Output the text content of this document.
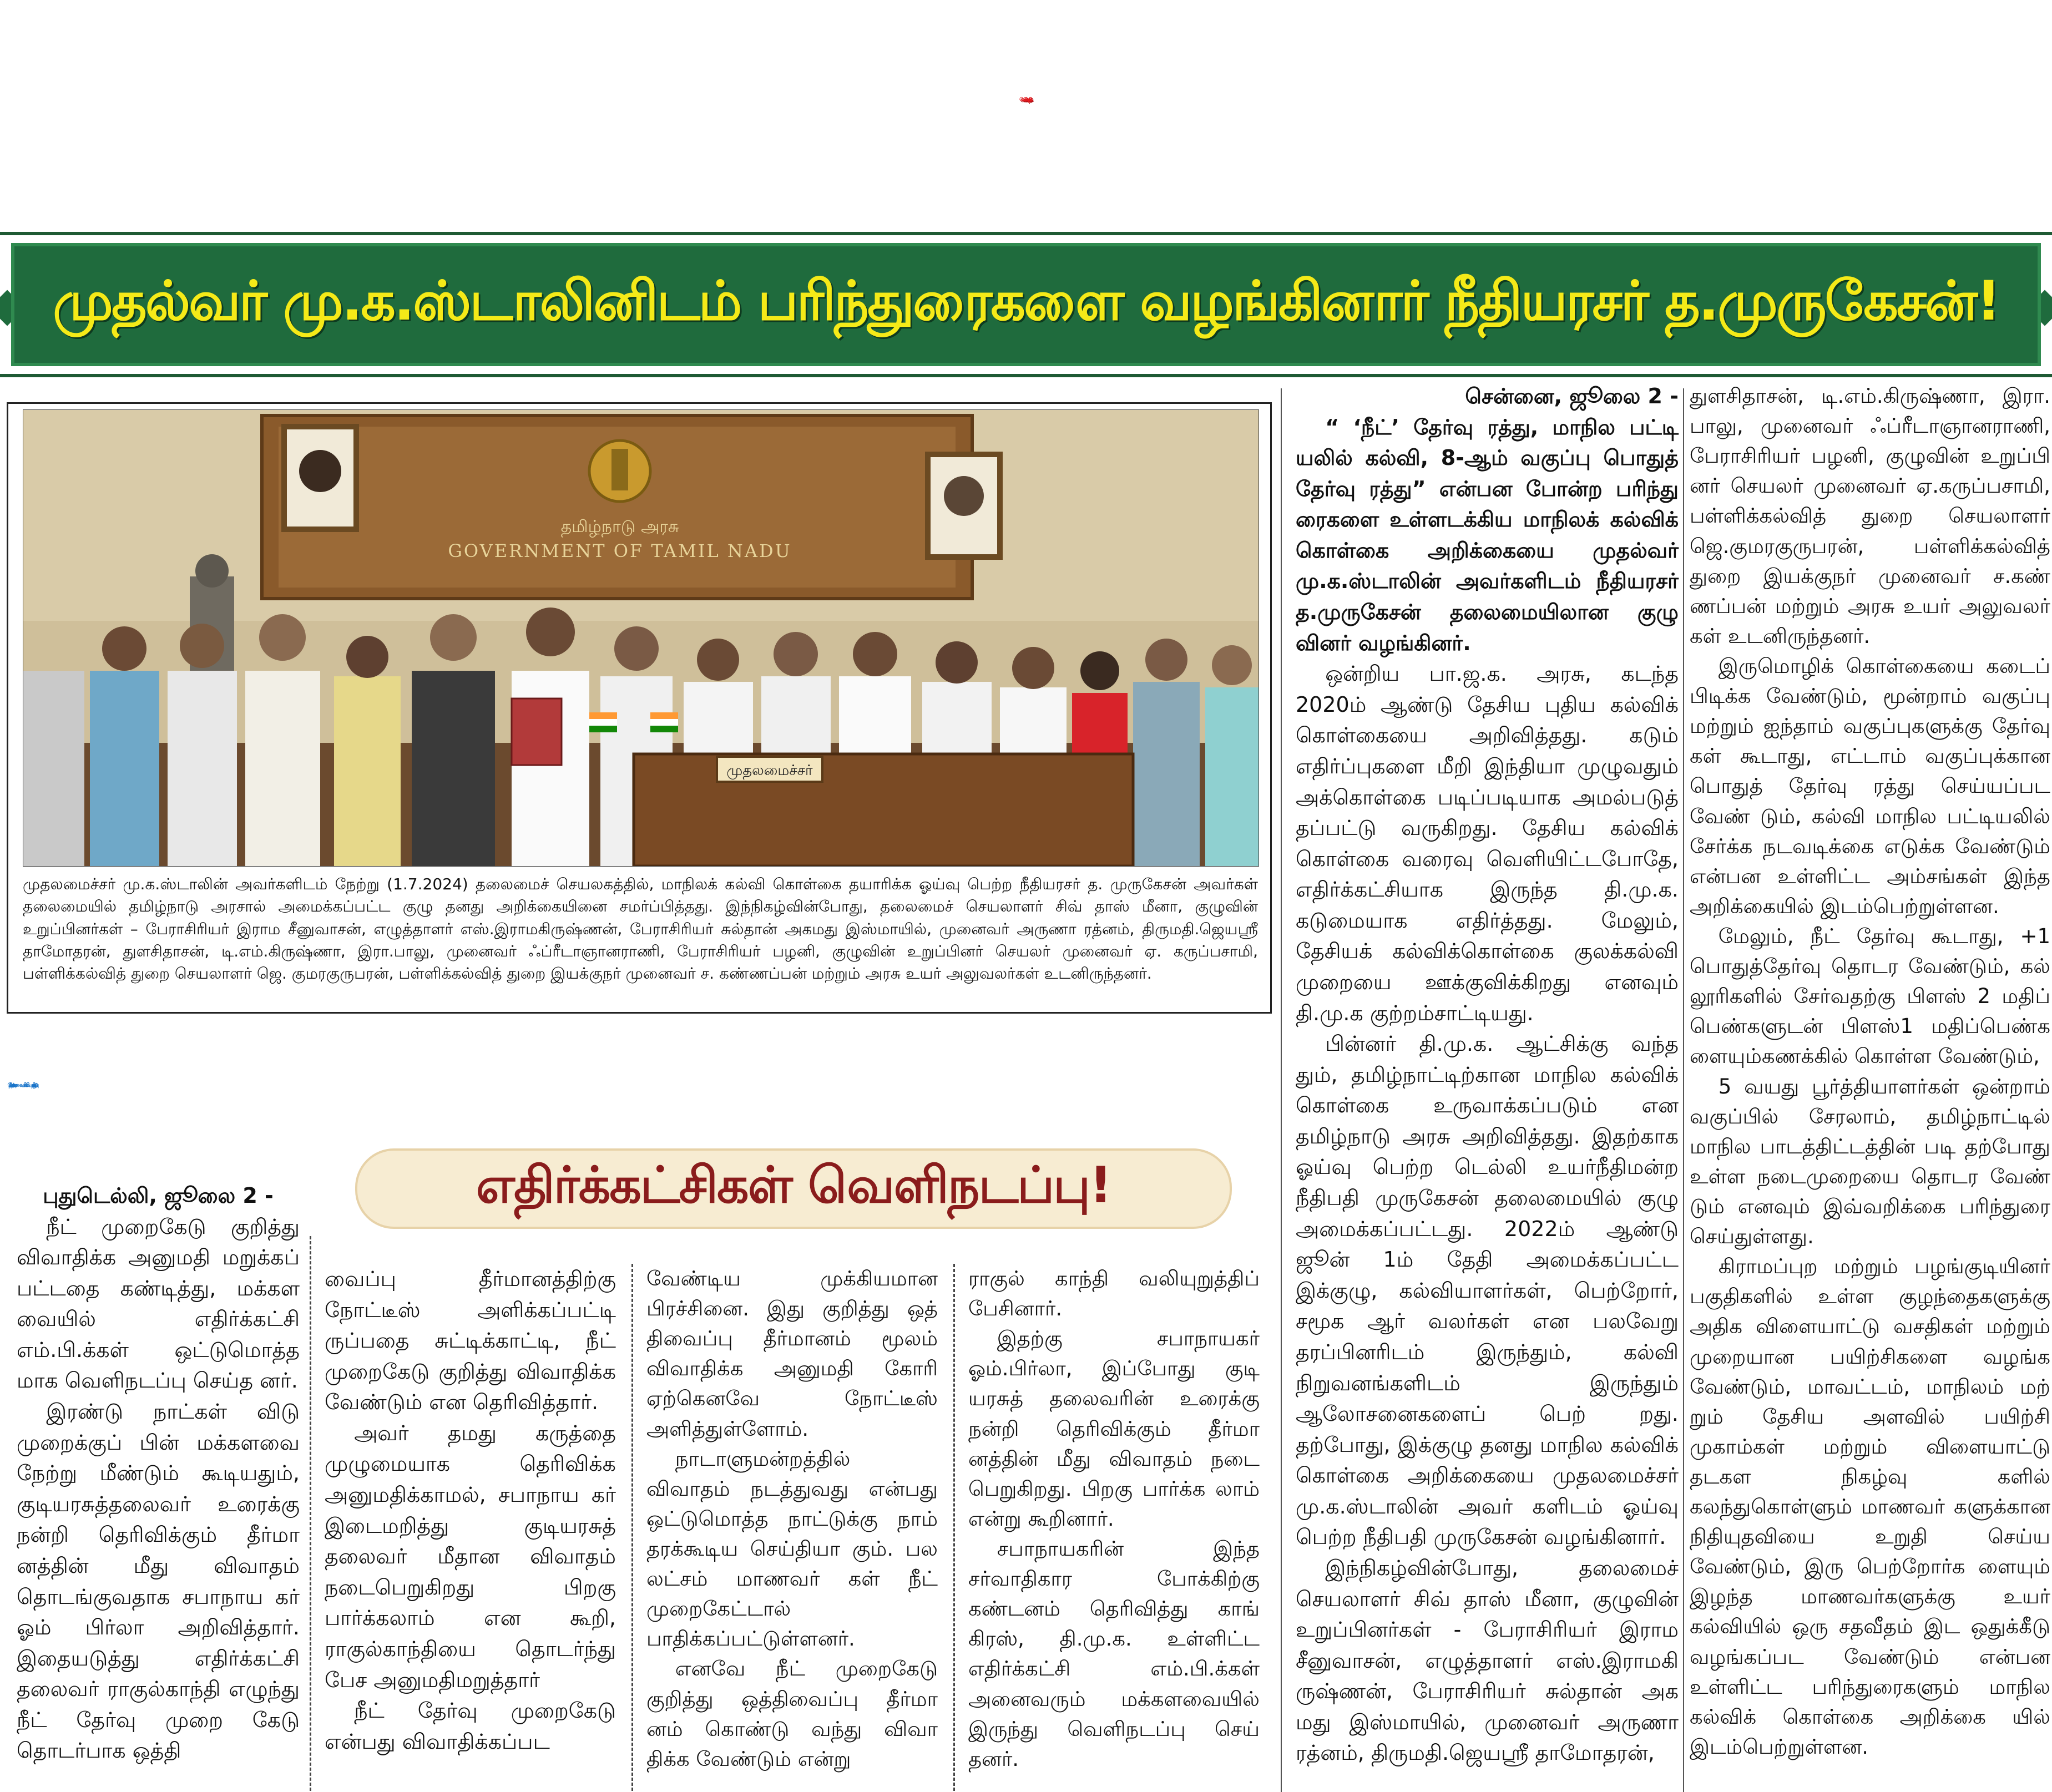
மாநிலக் கல்விக் கொள்கை!
முதல்வர் மு.க.ஸ்டாலினிடம் பரிந்துரைகளை வழங்கினார் நீதியரசர் த.முருகேசன்!
தமிழ்நாடு அரசு
GOVERNMENT OF TAMIL NADU
முதலமைச்சர்
முதலமைச்சர் மு.க.ஸ்டாலின் அவர்களிடம் நேற்று (1.7.2024) தலைமைச் செயலகத்தில், மாநிலக் கல்வி கொள்கை தயாரிக்க ஓய்வு பெற்ற நீதியரசர் த. முருகேசன் அவர்கள் தலைமையில் தமிழ்நாடு அரசால் அமைக்கப்பட்ட குழு தனது அறிக்கையினை சமர்ப்பித்தது. இந்நிகழ்வின்போது, தலைமைச் செயலாளர் சிவ் தாஸ் மீனா, குழுவின் உறுப்பினர்கள் – பேராசிரியர் இராம சீனுவாசன், எழுத்தாளர் எஸ்.இராமகிருஷ்ணன், பேராசிரியர் சுல்தான் அகமது இஸ்மாயில், முனைவர் அருணா ரத்னம், திருமதி.ஜெயஸ்ரீ தாமோதரன், துளசிதாசன், டி.எம்.கிருஷ்ணா, இரா.பாலு, முனைவர் ஃப்ரீடாஞானராணி, பேராசிரியர் பழனி, குழுவின் உறுப்பினர் செயலர் முனைவர் ஏ. கருப்பசாமி, பள்ளிக்கல்வித் துறை செயலாளர் ஜெ. குமரகுருபரன், பள்ளிக்கல்வித் துறை இயக்குநர் முனைவர் ச. கண்ணப்பன் மற்றும் அரசு உயர் அலுவலர்கள் உடனிருந்தனர்.
‘நீட்’ தேர்வு: மக்களவையில் விவாதிக்க மறுப்பு!
எதிர்க்கட்சிகள் வெளிநடப்பு!

புதுடெல்லி, ஜூலை 2 -

நீட் முறைகேடு குறித்து விவாதிக்க அனுமதி மறுக்கப் பட்டதை கண்டித்து, மக்கள வையில் எதிர்க்கட்சி எம்.பி.க்கள் ஒட்டுமொத்த மாக வெளிநடப்பு செய்த னர்.

இரண்டு நாட்கள் விடு முறைக்குப் பின் மக்களவை நேற்று மீண்டும் கூடியதும், குடியரசுத்தலைவர் உரைக்கு நன்றி தெரிவிக்கும் தீர்மா னத்தின் மீது விவாதம் தொடங்குவதாக சபாநாய கர் ஓம் பிர்லா அறிவித்தார். இதையடுத்து எதிர்க்கட்சி தலைவர் ராகுல்காந்தி எழுந்து நீட் தேர்வு முறை கேடு தொடர்பாக ஒத்தி

வைப்பு தீர்மானத்திற்கு நோட்டீஸ் அளிக்கப்பட்டி ருப்பதை சுட்டிக்காட்டி, நீட் முறைகேடு குறித்து விவாதிக்க வேண்டும் என தெரிவித்தார்.

அவர் தமது கருத்தை முழுமையாக தெரிவிக்க அனுமதிக்காமல், சபாநாய கர் இடைமறித்து குடியரசுத் தலைவர் மீதான விவாதம் நடைபெறுகிறது பிறகு பார்க்கலாம் என கூறி, ராகுல்காந்தியை தொடர்ந்து பேச அனுமதிமறுத்தார்

நீட் தேர்வு முறைகேடு என்பது விவாதிக்கப்பட

வேண்டிய முக்கியமான பிரச்சினை. இது குறித்து ஒத் திவைப்பு தீர்மானம் மூலம் விவாதிக்க அனுமதி கோரி ஏற்கெனவே நோட்டீஸ் அளித்துள்ளோம்.

நாடாளுமன்றத்தில் விவாதம் நடத்துவது என்பது ஒட்டுமொத்த நாட்டுக்கு நாம் தரக்கூடிய செய்தியா கும். பல லட்சம் மாணவர் கள் நீட் முறைகேட்டால் பாதிக்கப்பட்டுள்ளனர்.

எனவே நீட் முறைகேடு குறித்து ஒத்திவைப்பு தீர்மா னம் கொண்டு வந்து விவா திக்க வேண்டும் என்று

ராகுல் காந்தி வலியுறுத்திப் பேசினார்.

இதற்கு சபாநாயகர் ஓம்.பிர்லா, இப்போது குடி யரசுத் தலைவரின் உரைக்கு நன்றி தெரிவிக்கும் தீர்மா னத்தின் மீது விவாதம் நடை பெறுகிறது. பிறகு பார்க்க லாம் என்று கூறினார்.

சபாநாயகரின் இந்த சர்வாதிகார போக்கிற்கு கண்டனம் தெரிவித்து காங் கிரஸ், தி.மு.க. உள்ளிட்ட எதிர்க்கட்சி எம்.பி.க்கள் அனைவரும் மக்களவையில் இருந்து வெளிநடப்பு செய் தனர்.

சென்னை, ஜூலை 2 -

“ ‘நீட்’ தேர்வு ரத்து, மாநில பட்டி யலில் கல்வி, 8-ஆம் வகுப்பு பொதுத் தேர்வு ரத்து” என்பன போன்ற பரிந்து ரைகளை உள்ளடக்கிய மாநிலக் கல்விக் கொள்கை அறிக்கையை முதல்வர் மு.க.ஸ்டாலின் அவர்களிடம் நீதியரசர் த.முருகேசன் தலைமையிலான குழு வினர் வழங்கினர்.

ஒன்றிய பா.ஜ.க. அரசு, கடந்த 2020ம் ஆண்டு தேசிய புதிய கல்விக் கொள்கையை அறிவித்தது. கடும் எதிர்ப்புகளை மீறி இந்தியா முழுவதும் அக்கொள்கை படிப்படியாக அமல்படுத் தப்பட்டு வருகிறது. தேசிய கல்விக் கொள்கை வரைவு வெளியிட்டபோதே, எதிர்க்கட்சியாக இருந்த தி.மு.க. கடுமையாக எதிர்த்தது. மேலும், தேசியக் கல்விக்கொள்கை குலக்கல்வி முறையை ஊக்குவிக்கிறது எனவும் தி.மு.க குற்றம்சாட்டியது.

பின்னர் தி.மு.க. ஆட்சிக்கு வந்த தும், தமிழ்நாட்டிற்கான மாநில கல்விக் கொள்கை உருவாக்கப்படும் என தமிழ்நாடு அரசு அறிவித்தது. இதற்காக ஓய்வு பெற்ற டெல்லி உயர்நீதிமன்ற நீதிபதி முருகேசன் தலைமையில் குழு அமைக்கப்பட்டது. 2022ம் ஆண்டு ஜூன் 1ம் தேதி அமைக்கப்பட்ட இக்குழு, கல்வியாளர்கள், பெற்றோர், சமூக ஆர் வலர்கள் என பலவேறு தரப்பினரிடம் இருந்தும், கல்வி நிறுவனங்களிடம் இருந்தும் ஆலோசனைகளைப் பெற் றது. தற்போது, இக்குழு தனது மாநில கல்விக் கொள்கை அறிக்கையை முதலமைச்சர் மு.க.ஸ்டாலின் அவர் களிடம் ஓய்வு பெற்ற நீதிபதி முருகேசன் வழங்கினார்.

இந்நிகழ்வின்போது, தலைமைச் செயலாளர் சிவ் தாஸ் மீனா, குழுவின் உறுப்பினர்கள் - பேராசிரியர் இராம சீனுவாசன், எழுத்தாளர் எஸ்.இராமகி ருஷ்ணன், பேராசிரியர் சுல்தான் அக மது இஸ்மாயில், முனைவர் அருணா ரத்னம், திருமதி.ஜெயஸ்ரீ தாமோதரன்,

துளசிதாசன், டி.எம்.கிருஷ்ணா, இரா. பாலு, முனைவர் ஃப்ரீடாஞானராணி, பேராசிரியர் பழனி, குழுவின் உறுப்பி னர் செயலர் முனைவர் ஏ.கருப்பசாமி, பள்ளிக்கல்வித் துறை செயலாளர் ஜெ.குமரகுருபரன், பள்ளிக்கல்வித் துறை இயக்குநர் முனைவர் ச.கண் ணப்பன் மற்றும் அரசு உயர் அலுவலர் கள் உடனிருந்தனர்.

இருமொழிக் கொள்கையை கடைப் பிடிக்க வேண்டும், மூன்றாம் வகுப்பு மற்றும் ஐந்தாம் வகுப்புகளுக்கு தேர்வு கள் கூடாது, எட்டாம் வகுப்புக்கான பொதுத் தேர்வு ரத்து செய்யப்பட வேண் டும், கல்வி மாநில பட்டியலில் சேர்க்க நடவடிக்கை எடுக்க வேண்டும் என்பன உள்ளிட்ட அம்சங்கள் இந்த அறிக்கையில் இடம்பெற்றுள்ளன.

மேலும், நீட் தேர்வு கூடாது, +1 பொதுத்தேர்வு தொடர வேண்டும், கல் லூரிகளில் சேர்வதற்கு பிளஸ் 2 மதிப் பெண்களுடன் பிளஸ்1 மதிப்பெண்க ளையும்கணக்கில் கொள்ள வேண்டும்,

5 வயது பூர்த்தியாளர்கள் ஒன்றாம் வகுப்பில் சேரலாம், தமிழ்நாட்டில் மாநில பாடத்திட்டத்தின் படி தற்போது உள்ள நடைமுறையை தொடர வேண் டும் எனவும் இவ்வறிக்கை பரிந்துரை செய்துள்ளது.

கிராமப்புற மற்றும் பழங்குடியினர் பகுதிகளில் உள்ள குழந்தைகளுக்கு அதிக விளையாட்டு வசதிகள் மற்றும் முறையான பயிற்சிகளை வழங்க வேண்டும், மாவட்டம், மாநிலம் மற் றும் தேசிய அளவில் பயிற்சி முகாம்கள் மற்றும் விளையாட்டு தடகள நிகழ்வு களில் கலந்துகொள்ளும் மாணவர் களுக்கான நிதியுதவியை உறுதி செய்ய வேண்டும், இரு பெற்றோர்க ளையும் இழந்த மாணவர்களுக்கு உயர் கல்வியில் ஒரு சதவீதம் இட ஒதுக்கீடு வழங்கப்பட வேண்டும் என்பன உள்ளிட்ட பரிந்துரைகளும் மாநில கல்விக் கொள்கை அறிக்கை யில் இடம்பெற்றுள்ளன.
